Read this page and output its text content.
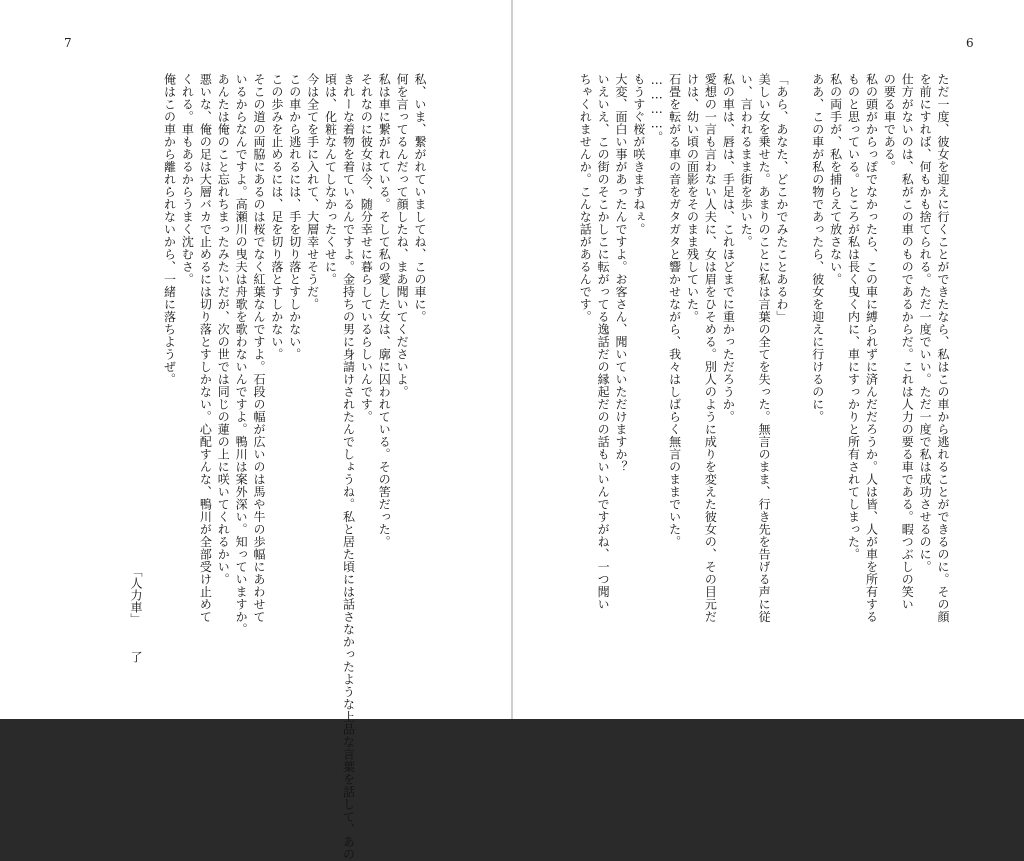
7
私、いま、繋がれていましてね、この車に。
何を言ってるんだって顔したね、まあ聞いてくださいよ。
私は車に繋がれている。そして私の愛した女は、廓に囚われている。その筈だった。
それなのに彼女は今、随分幸せに暮らしているらしいんです。
きれーな着物を着ているんですよ。金持ちの男に身請けされたんでしょうね。私と居た頃には話さなかったような上品な言葉を話して、あの
頃は、化粧なんてしなかったくせに。
今は全てを手に入れて、大層幸せそうだ。
この車から逃れるには、手を切り落とすしかない。
この歩みを止めるには、足を切り落とすしかない。
そこの道の両脇にあるのは桜でなく紅葉なんですよ。石段の幅が広いのは馬や牛の歩幅にあわせて
いるからなんですよ。高瀬川の曳夫は舟歌を歌わないんですよ。鴨川は案外深い。知っていますか。
あんたは俺のこと忘れちまったみたいだが、次の世では同じの蓮の上に咲いてくれるかい。
悪いな、俺の足は大層バカで止めるには切り落とすしかない。心配すんな、鴨川が全部受け止めて
くれる。車もあるからうまく沈むさ。
俺はこの車から離れられないから、一緒に落ちようぜ。
「人力車」
了
6
ただ一度、彼女を迎えに行くことができたなら、私はこの車から逃れることができるのに。その顔
を前にすれば、何もかも捨てられる。ただ一度でいい。ただ一度で私は成功させるのに。
仕方がないのは、私がこの車のものであるからだ。これは人力の要る車である。暇つぶしの笑い
の要る車である。
私の頭がからっぽでなかったら、この車に縛られずに済んだだろうか。人は皆、人が車を所有する
ものと思っている。ところが私は長く曳く内に、車にすっかりと所有されてしまった。
私の両手が、私を捕らえて放さない。
ああ、この車が私の物であったら、彼女を迎えに行けるのに。
「あら、あなた、どこかでみたことあるわ」
美しい女を乗せた。あまりのことに私は言葉の全てを失った。無言のまま、行き先を告げる声に従
い、言われるまま街を歩いた。
私の車は、唇は、手足は、これほどまでに重かっただろうか。
愛想の一言も言わない人夫に、女は眉をひそめる。別人のように成りを変えた彼女の、その目元だ
けは、幼い頃の面影をそのまま残していた。
石畳を転がる車の音をガタガタと響かせながら、我々はしばらく無言のままでいた。
…………。
もうすぐ桜が咲きますねぇ。
大変、面白い事があったんですよ。お客さん、聞いていただけますか？
いえいえ、この街のそこかしこに転がってる逸話だの縁起だのの話もいいんですがね、一つ聞い
ちゃくれませんか。こんな話があるんです。
